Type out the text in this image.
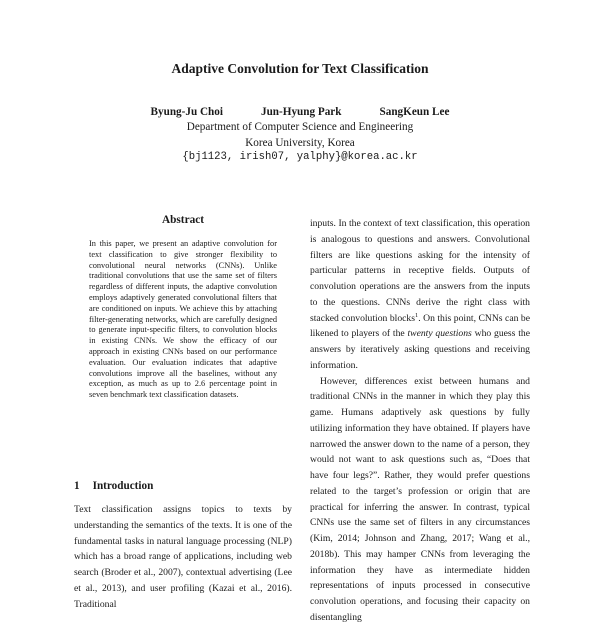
Adaptive Convolution for Text Classification
Byung-Ju Choi	Jun-Hyung Park	SangKeun Lee
Department of Computer Science and Engineering
Korea University, Korea
{bj1123, irish07, yalphy}@korea.ac.kr
Abstract

In this paper, we present an adaptive convolution for text classification to give stronger flexibility to convolutional neural networks (CNNs). Unlike traditional convolutions that use the same set of filters regardless of different inputs, the adaptive convolution employs adaptively generated convolutional filters that are conditioned on inputs. We achieve this by attaching filter-generating networks, which are carefully designed to generate input-specific filters, to convolution blocks in existing CNNs. We show the efficacy of our approach in existing CNNs based on our performance evaluation. Our evaluation indicates that adaptive convolutions improve all the baselines, without any exception, as much as up to 2.6 percentage point in seven benchmark text classification datasets.

1 Introduction

Text classification assigns topics to texts by understanding the semantics of the texts. It is one of the fundamental tasks in natural language processing (NLP) which has a broad range of applications, including web search (Broder et al., 2007), contextual advertising (Lee et al., 2013), and user profiling (Kazai et al., 2016). Traditional

inputs. In the context of text classification, this operation is analogous to questions and answers. Convolutional filters are like questions asking for the intensity of particular patterns in receptive fields. Outputs of convolution operations are the answers from the inputs to the questions. CNNs derive the right class with stacked convolution blocks$^1$. On this point, CNNs can be likened to players of the twenty questions who guess the answers by iteratively asking questions and receiving information.

However, differences exist between humans and traditional CNNs in the manner in which they play this game. Humans adaptively ask questions by fully utilizing information they have obtained. If players have narrowed the answer down to the name of a person, they would not want to ask questions such as, “Does that have four legs?”. Rather, they would prefer questions related to the target’s profession or origin that are practical for inferring the answer. In contrast, typical CNNs use the same set of filters in any circumstances (Kim, 2014; Johnson and Zhang, 2017; Wang et al., 2018b). This may hamper CNNs from leveraging the information they have as intermediate hidden representations of inputs processed in consecutive convolution operations, and focusing their capacity on disentangling
